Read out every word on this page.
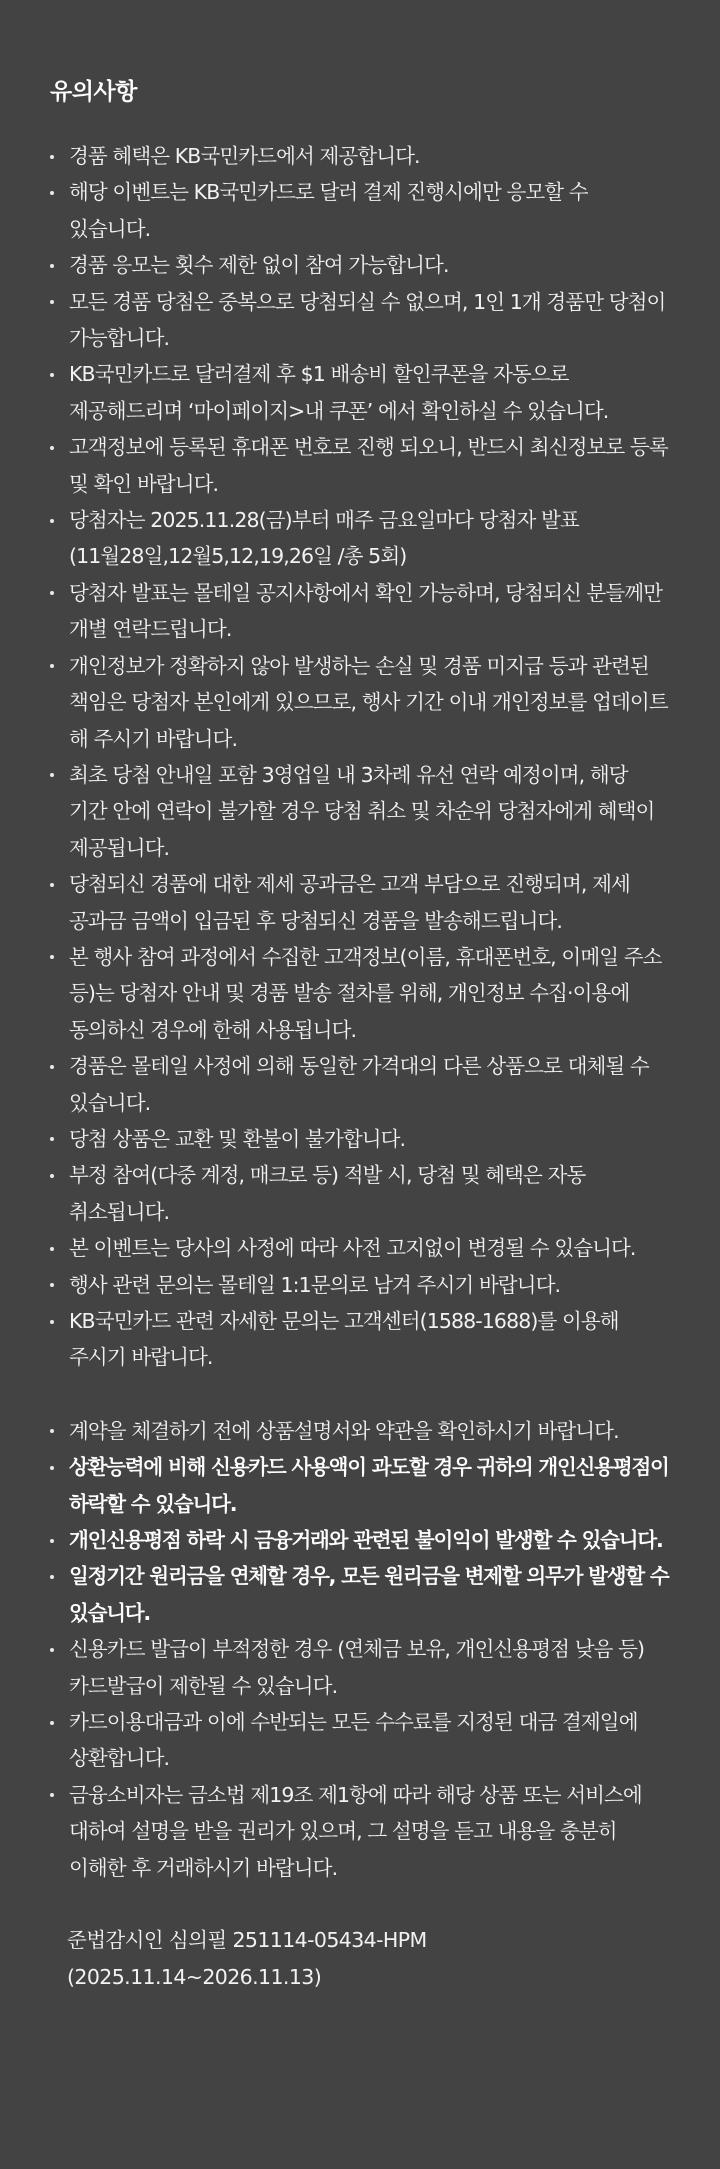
유의사항
경품 혜택은 KB국민카드에서 제공합니다.
해당 이벤트는 KB국민카드로 달러 결제 진행시에만 응모할 수 있습니다.
경품 응모는 횟수 제한 없이 참여 가능합니다.
모든 경품 당첨은 중복으로 당첨되실 수 없으며, 1인 1개 경품만 당첨이 가능합니다.
KB국민카드로 달러결제 후 $1 배송비 할인쿠폰을 자동으로 제공해드리며 ‘마이페이지>내 쿠폰’ 에서 확인하실 수 있습니다.
고객정보에 등록된 휴대폰 번호로 진행 되오니, 반드시 최신정보로 등록 및 확인 바랍니다.
당첨자는 2025.11.28(금)부터 매주 금요일마다 당첨자 발표 (11월28일,12월5,12,19,26일 /총 5회)
당첨자 발표는 몰테일 공지사항에서 확인 가능하며, 당첨되신 분들께만 개별 연락드립니다.
개인정보가 정확하지 않아 발생하는 손실 및 경품 미지급 등과 관련된 책임은 당첨자 본인에게 있으므로, 행사 기간 이내 개인정보를 업데이트 해 주시기 바랍니다.
최초 당첨 안내일 포함 3영업일 내 3차례 유선 연락 예정이며, 해당 기간 안에 연락이 불가할 경우 당첨 취소 및 차순위 당첨자에게 혜택이 제공됩니다.
당첨되신 경품에 대한 제세 공과금은 고객 부담으로 진행되며, 제세 공과금 금액이 입금된 후 당첨되신 경품을 발송해드립니다.
본 행사 참여 과정에서 수집한 고객정보(이름, 휴대폰번호, 이메일 주소 등)는 당첨자 안내 및 경품 발송 절차를 위해, 개인정보 수집·이용에 동의하신 경우에 한해 사용됩니다.
경품은 몰테일 사정에 의해 동일한 가격대의 다른 상품으로 대체될 수 있습니다.
당첨 상품은 교환 및 환불이 불가합니다.
부정 참여(다중 계정, 매크로 등) 적발 시, 당첨 및 혜택은 자동 취소됩니다.
본 이벤트는 당사의 사정에 따라 사전 고지없이 변경될 수 있습니다.
행사 관련 문의는 몰테일 1:1문의로 남겨 주시기 바랍니다.
KB국민카드 관련 자세한 문의는 고객센터(1588-1688)를 이용해 주시기 바랍니다.
계약을 체결하기 전에 상품설명서와 약관을 확인하시기 바랍니다.
상환능력에 비해 신용카드 사용액이 과도할 경우 귀하의 개인신용평점이 하락할 수 있습니다.
개인신용평점 하락 시 금융거래와 관련된 불이익이 발생할 수 있습니다.
일정기간 원리금을 연체할 경우, 모든 원리금을 변제할 의무가 발생할 수 있습니다.
신용카드 발급이 부적정한 경우 (연체금 보유, 개인신용평점 낮음 등) 카드발급이 제한될 수 있습니다.
카드이용대금과 이에 수반되는 모든 수수료를 지정된 대금 결제일에 상환합니다.
금융소비자는 금소법 제19조 제1항에 따라 해당 상품 또는 서비스에 대하여 설명을 받을 권리가 있으며, 그 설명을 듣고 내용을 충분히 이해한 후 거래하시기 바랍니다.
준법감시인 심의필 251114-05434-HPM
(2025.11.14~2026.11.13)
